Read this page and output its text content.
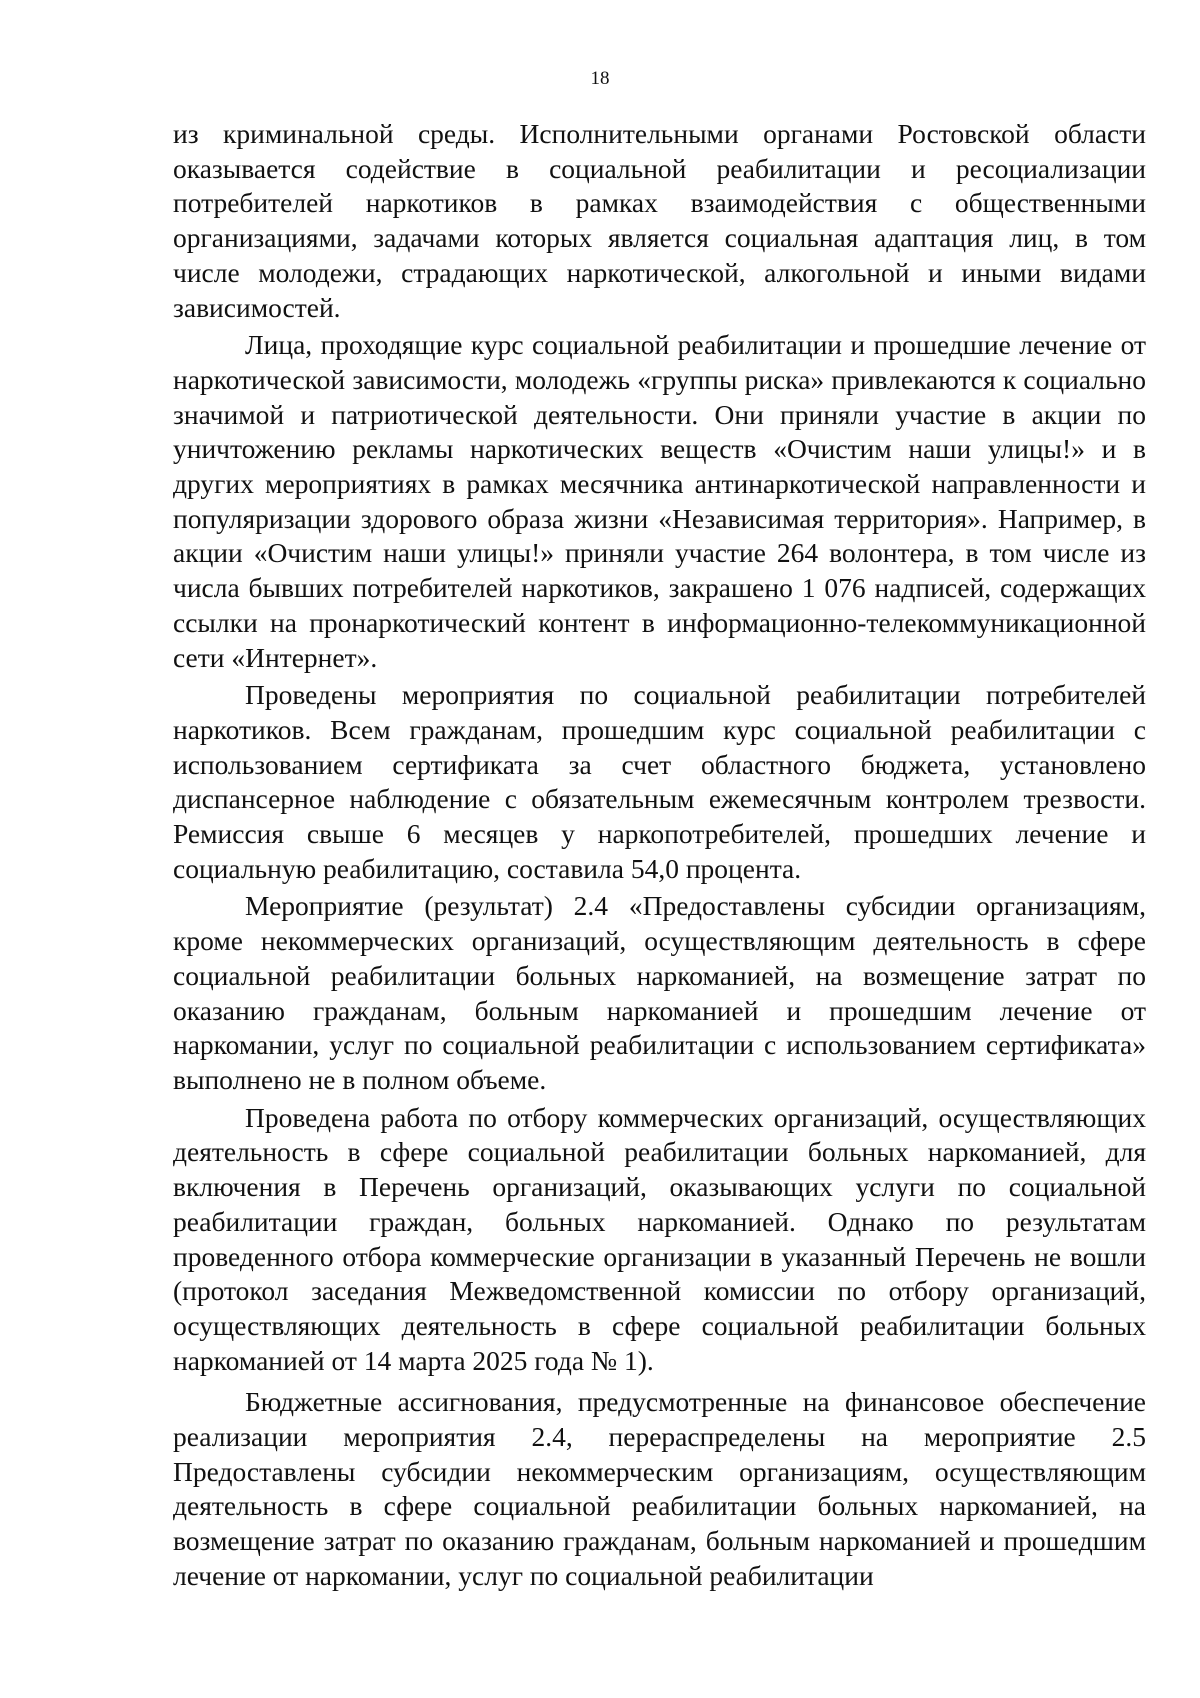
18

из криминальной среды. Исполнительными органами Ростовской области оказывается содействие в социальной реабилитации и ресоциализации потребителей наркотиков в рамках взаимодействия с общественными организациями, задачами которых является социальная адаптация лиц, в том числе молодежи, страдающих наркотической, алкогольной и иными видами зависимостей.

Лица, проходящие курс социальной реабилитации и прошедшие лечение от наркотической зависимости, молодежь «группы риска» привлекаются к социально значимой и патриотической деятельности. Они приняли участие в акции по уничтожению рекламы наркотических веществ «Очистим наши улицы!» и в других мероприятиях в рамках месячника антинаркотической направленности и популяризации здорового образа жизни «Независимая территория». Например, в акции «Очистим наши улицы!» приняли участие 264 волонтера, в том числе из числа бывших потребителей наркотиков, закрашено 1 076 надписей, содержащих ссылки на пронаркотический контент в информационно-телекоммуникационной сети «Интернет».

Проведены мероприятия по социальной реабилитации потребителей наркотиков. Всем гражданам, прошедшим курс социальной реабилитации с использованием сертификата за счет областного бюджета, установлено диспансерное наблюдение с обязательным ежемесячным контролем трезвости. Ремиссия свыше 6 месяцев у наркопотребителей, прошедших лечение и социальную реабилитацию, составила 54,0 процента.

Мероприятие (результат) 2.4 «Предоставлены субсидии организациям, кроме некоммерческих организаций, осуществляющим деятельность в сфере социальной реабилитации больных наркоманией, на возмещение затрат по оказанию гражданам, больным наркоманией и прошедшим лечение от наркомании, услуг по социальной реабилитации с использованием сертификата» выполнено не в полном объеме.

Проведена работа по отбору коммерческих организаций, осуществляющих деятельность в сфере социальной реабилитации больных наркоманией, для включения в Перечень организаций, оказывающих услуги по социальной реабилитации граждан, больных наркоманией. Однако по результатам проведенного отбора коммерческие организации в указанный Перечень не вошли (протокол заседания Межведомственной комиссии по отбору организаций, осуществляющих деятельность в сфере социальной реабилитации больных наркоманией от 14 марта 2025 года № 1).

Бюджетные ассигнования, предусмотренные на финансовое обеспечение реализации мероприятия 2.4, перераспределены на мероприятие 2.5 Предоставлены субсидии некоммерческим организациям, осуществляющим деятельность в сфере социальной реабилитации больных наркоманией, на возмещение затрат по оказанию гражданам, больным наркоманией и прошедшим лечение от наркомании, услуг по социальной реабилитации
